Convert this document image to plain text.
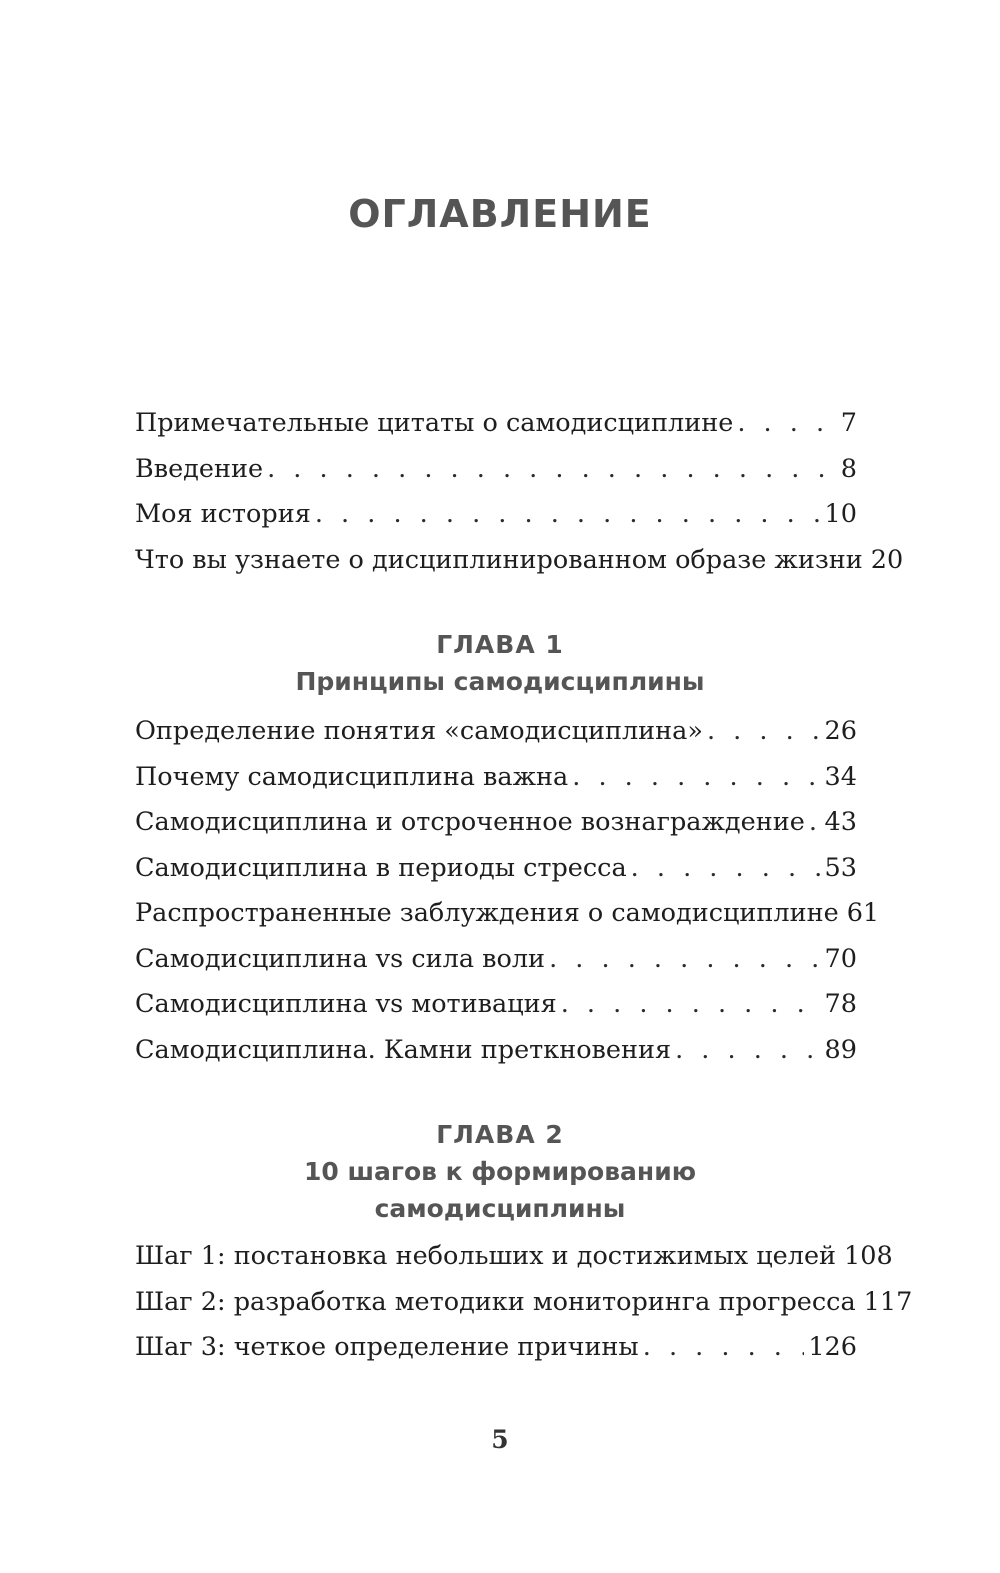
ОГЛАВЛЕНИЕ
Примечательные цитаты о самодисциплине . . .	7
Введение . . .	8
Моя история . . .	10
Что вы узнаете о дисциплинированном образе жизни 20
ГЛАВА 1
Принципы самодисциплины
Определение понятия «самодисциплина» . . .	26
Почему самодисциплина важна . . .	34
Самодисциплина и отсроченное вознаграждение . . . 43
Самодисциплина в периоды стресса . . .	53
Распространенные заблуждения о самодисциплине 61
Самодисциплина vs сила воли . . .	70
Самодисциплина vs мотивация . . .	78
Самодисциплина. Камни преткновения . . .	89
ГЛАВА 2
10 шагов к формированию
самодисциплины
Шаг 1: постановка небольших и достижимых целей 108
Шаг 2: разработка методики мониторинга прогресса 117
Шаг 3: четкое определение причины . . .	126
5
